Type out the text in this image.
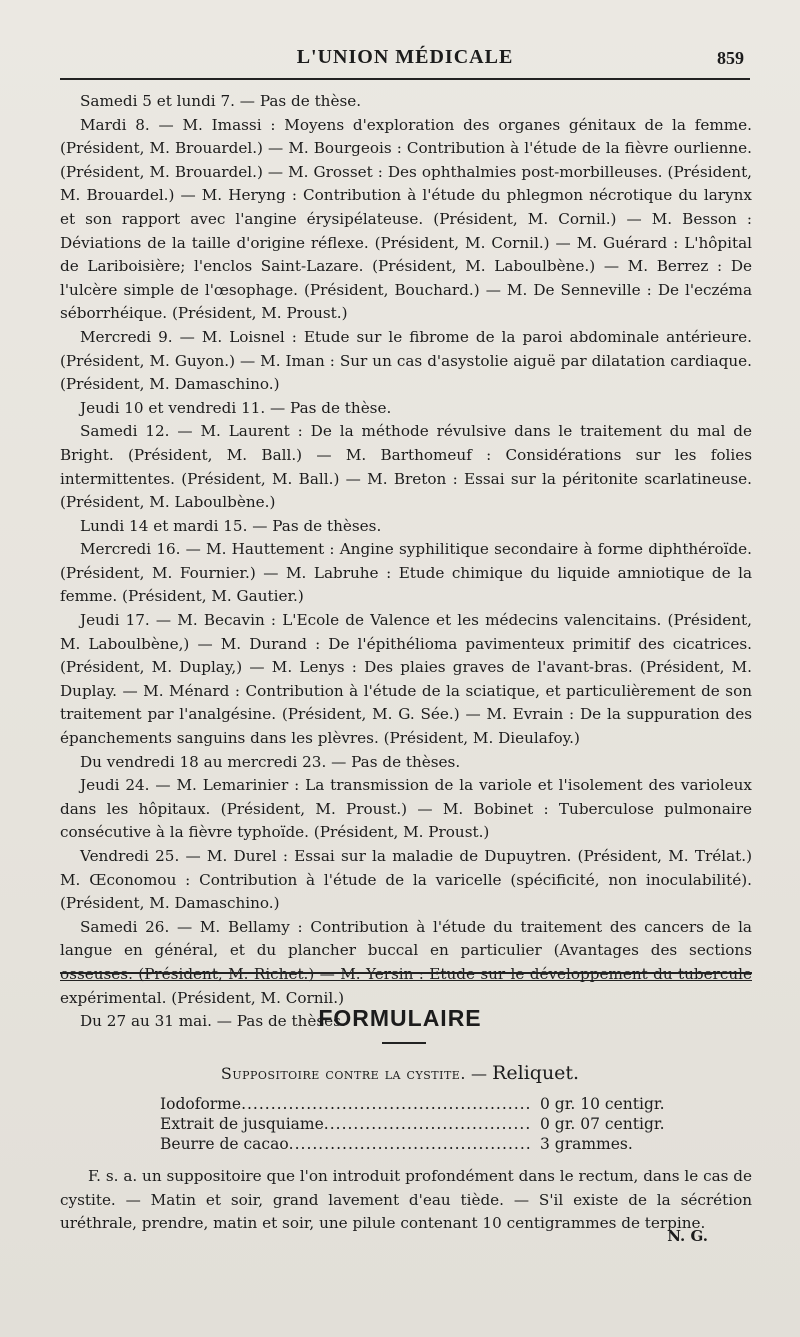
L'UNION MÉDICALE	859

Samedi 5 et lundi 7. — Pas de thèse.

Mardi 8. — M. Imassi : Moyens d'exploration des organes génitaux de la femme. (Président, M. Brouardel.) — M. Bourgeois : Contribution à l'étude de la fièvre ourlienne. (Président, M. Brouardel.) — M. Grosset : Des ophthalmies post-morbilleuses. (Président, M. Brouardel.) — M. Heryng : Contribution à l'étude du phlegmon nécrotique du larynx et son rapport avec l'angine érysipélateuse. (Président, M. Cornil.) — M. Besson : Déviations de la taille d'origine réflexe. (Président, M. Cornil.) — M. Guérard : L'hôpital de Lariboisière; l'enclos Saint-Lazare. (Président, M. Laboulbène.) — M. Berrez : De l'ulcère simple de l'œsophage. (Président, Bouchard.) — M. De Senneville : De l'eczéma séborrhéique. (Président, M. Proust.)

Mercredi 9. — M. Loisnel : Etude sur le fibrome de la paroi abdominale antérieure. (Président, M. Guyon.) — M. Iman : Sur un cas d'asystolie aiguë par dilatation cardiaque. (Président, M. Damaschino.)

Jeudi 10 et vendredi 11. — Pas de thèse.

Samedi 12. — M. Laurent : De la méthode révulsive dans le traitement du mal de Bright. (Président, M. Ball.) — M. Barthomeuf : Considérations sur les folies intermittentes. (Président, M. Ball.) — M. Breton : Essai sur la péritonite scarlatineuse. (Président, M. Laboulbène.)

Lundi 14 et mardi 15. — Pas de thèses.

Mercredi 16. — M. Hauttement : Angine syphilitique secondaire à forme diphthéroïde. (Président, M. Fournier.) — M. Labruhe : Etude chimique du liquide amniotique de la femme. (Président, M. Gautier.)

Jeudi 17. — M. Becavin : L'Ecole de Valence et les médecins valencitains. (Président, M. Laboulbène,) — M. Durand : De l'épithélioma pavimenteux primitif des cicatrices. (Président, M. Duplay,) — M. Lenys : Des plaies graves de l'avant-bras. (Président, M. Duplay. — M. Ménard : Contribution à l'étude de la sciatique, et particulièrement de son traitement par l'analgésine. (Président, M. G. Sée.) — M. Evrain : De la suppuration des épanchements sanguins dans les plèvres. (Président, M. Dieulafoy.)

Du vendredi 18 au mercredi 23. — Pas de thèses.

Jeudi 24. — M. Lemarinier : La transmission de la variole et l'isolement des varioleux dans les hôpitaux. (Président, M. Proust.) — M. Bobinet : Tuberculose pulmonaire consécutive à la fièvre typhoïde. (Président, M. Proust.)

Vendredi 25. — M. Durel : Essai sur la maladie de Dupuytren. (Président, M. Trélat.) M. Œconomou : Contribution à l'étude de la varicelle (spécificité, non inoculabilité). (Président, M. Damaschino.)

Samedi 26. — M. Bellamy : Contribution à l'étude du traitement des cancers de la langue en général, et du plancher buccal en particulier (Avantages des sections osseuses. (Président, M. Richet.) — M. Yersin : Etude sur le développement du tubercule expérimental. (Président, M. Cornil.)

Du 27 au 31 mai. — Pas de thèses.

FORMULAIRE
Suppositoire contre la cystite. — Reliquet.
Iodoforme .....	0 gr. 10 centigr.
Extrait de jusquiame .....	0 gr. 07 centigr.
Beurre de cacao .....	3 grammes.

F. s. a. un suppositoire que l'on introduit profondément dans le rectum, dans le cas de cystite. — Matin et soir, grand lavement d'eau tiède. — S'il existe de la sécrétion uréthrale, prendre, matin et soir, une pilule contenant 10 centigrammes de terpine.

N. G.
